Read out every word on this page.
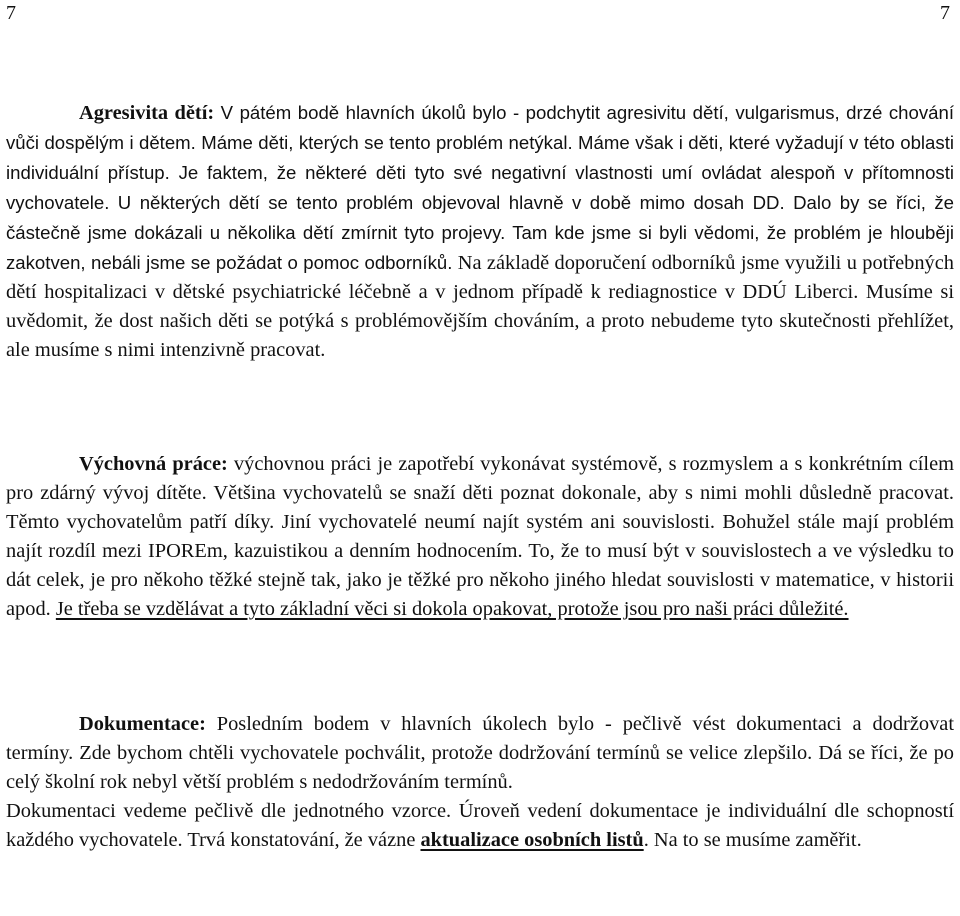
7	7

Agresivita dětí: V pátém bodě hlavních úkolů bylo - podchytit agresivitu dětí, vulgarismus, drzé chování vůči dospělým i dětem. Máme děti, kterých se tento problém netýkal. Máme však i děti, které vyžadují v této oblasti individuální přístup. Je faktem, že některé děti tyto své negativní vlastnosti umí ovládat alespoň v přítomnosti vychovatele. U některých dětí se tento problém objevoval hlavně v době mimo dosah DD. Dalo by se říci, že částečně jsme dokázali u několika dětí zmírnit tyto projevy. Tam kde jsme si byli vědomi, že problém je hlouběji zakotven, nebáli jsme se požádat o pomoc odborníků. Na základě doporučení odborníků jsme využili u potřebných dětí hospitalizaci v dětské psychiatrické léčebně a v jednom případě k rediagnostice v DDÚ Liberci. Musíme si uvědomit, že dost našich děti se potýká s problémovějším chováním, a proto nebudeme tyto skutečnosti přehlížet, ale musíme s nimi intenzivně pracovat.

Výchovná práce: výchovnou práci je zapotřebí vykonávat systémově, s rozmyslem a s konkrétním cílem pro zdárný vývoj dítěte. Většina vychovatelů se snaží děti poznat dokonale, aby s nimi mohli důsledně pracovat. Těmto vychovatelům patří díky. Jiní vychovatelé neumí najít systém ani souvislosti. Bohužel stále mají problém najít rozdíl mezi IPOREm, kazuistikou a denním hodnocením. To, že to musí být v souvislostech a ve výsledku to dát celek, je pro někoho těžké stejně tak, jako je těžké pro někoho jiného hledat souvislosti v matematice, v historii apod. Je třeba se vzdělávat a tyto základní věci si dokola opakovat, protože jsou pro naši práci důležité.

Dokumentace: Posledním bodem v hlavních úkolech bylo - pečlivě vést dokumentaci a dodržovat termíny. Zde bychom chtěli vychovatele pochválit, protože dodržování termínů se velice zlepšilo. Dá se říci, že po celý školní rok nebyl větší problém s nedodržováním termínů.

Dokumentaci vedeme pečlivě dle jednotného vzorce. Úroveň vedení dokumentace je individuální dle schopností každého vychovatele. Trvá konstatování, že vázne aktualizace osobních listů. Na to se musíme zaměřit.
